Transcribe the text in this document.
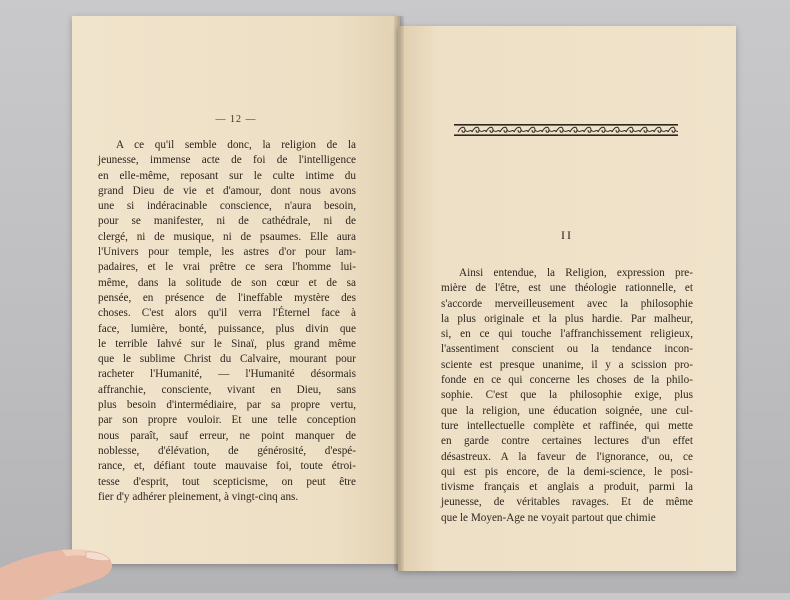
— 12 —
A ce qu'il semble donc, la religion de la
jeunesse, immense acte de foi de l'intelligence
en elle-même, reposant sur le culte intime du
grand Dieu de vie et d'amour, dont nous avons
une si indéracinable conscience, n'aura besoin,
pour se manifester, ni de cathédrale, ni de
clergé, ni de musique, ni de psaumes. Elle aura
l'Univers pour temple, les astres d'or pour lam-
padaires, et le vrai prêtre ce sera l'homme lui-
même, dans la solitude de son cœur et de sa
pensée, en présence de l'ineffable mystère des
choses. C'est alors qu'il verra l'Éternel face à
face, lumière, bonté, puissance, plus divin que
le terrible Iahvé sur le Sinaï, plus grand même
que le sublime Christ du Calvaire, mourant pour
racheter l'Humanité, — l'Humanité désormais
affranchie, consciente, vivant en Dieu, sans
plus besoin d'intermédiaire, par sa propre vertu,
par son propre vouloir. Et une telle conception
nous paraît, sauf erreur, ne point manquer de
noblesse, d'élévation, de générosité, d'espé-
rance, et, défiant toute mauvaise foi, toute étroi-
tesse d'esprit, tout scepticisme, on peut être
fier d'y adhérer pleinement, à vingt-cinq ans.
II
Ainsi entendue, la Religion, expression pre-
mière de l'être, est une théologie rationnelle, et
s'accorde merveilleusement avec la philosophie
la plus originale et la plus hardie. Par malheur,
si, en ce qui touche l'affranchissement religieux,
l'assentiment conscient ou la tendance incon-
sciente est presque unanime, il y a scission pro-
fonde en ce qui concerne les choses de la philo-
sophie. C'est que la philosophie exige, plus
que la religion, une éducation soignée, une cul-
ture intellectuelle complète et raffinée, qui mette
en garde contre certaines lectures d'un effet
désastreux. A la faveur de l'ignorance, ou, ce
qui est pis encore, de la demi-science, le posi-
tivisme français et anglais a produit, parmi la
jeunesse, de véritables ravages. Et de même
que le Moyen-Age ne voyait partout que chimie
